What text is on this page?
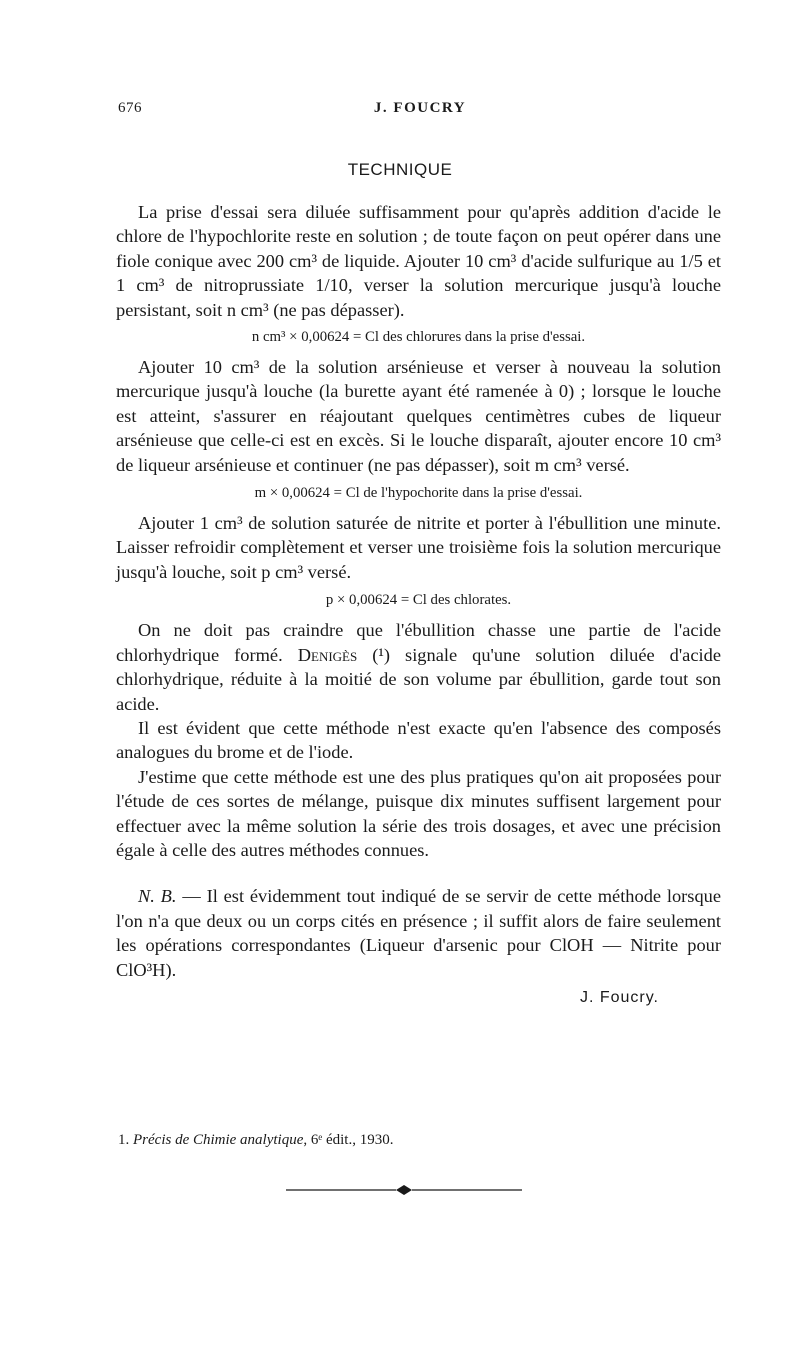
676	J. FOUCRY
TECHNIQUE

La prise d'essai sera diluée suffisamment pour qu'après addition d'acide le chlore de l'hypochlorite reste en solution ; de toute façon on peut opérer dans une fiole conique avec 200 cm³ de liquide. Ajouter 10 cm³ d'acide sulfurique au 1/5 et 1 cm³ de nitroprussiate 1/10, verser la solution mercurique jusqu'à louche persistant, soit n cm³ (ne pas dépasser).

n cm³ × 0,00624 = Cl des chlorures dans la prise d'essai.

Ajouter 10 cm³ de la solution arsénieuse et verser à nouveau la solution mercurique jusqu'à louche (la burette ayant été ramenée à 0) ; lorsque le louche est atteint, s'assurer en réajoutant quelques centimètres cubes de liqueur arsénieuse que celle-ci est en excès. Si le louche disparaît, ajouter encore 10 cm³ de liqueur arsénieuse et continuer (ne pas dépasser), soit m cm³ versé.

m × 0,00624 = Cl de l'hypochorite dans la prise d'essai.

Ajouter 1 cm³ de solution saturée de nitrite et porter à l'ébullition une minute. Laisser refroidir complètement et verser une troisième fois la solution mercurique jusqu'à louche, soit p cm³ versé.

p × 0,00624 = Cl des chlorates.

On ne doit pas craindre que l'ébullition chasse une partie de l'acide chlorhydrique formé. Denigès (¹) signale qu'une solution diluée d'acide chlorhydrique, réduite à la moitié de son volume par ébullition, garde tout son acide.

Il est évident que cette méthode n'est exacte qu'en l'absence des composés analogues du brome et de l'iode.

J'estime que cette méthode est une des plus pratiques qu'on ait proposées pour l'étude de ces sortes de mélange, puisque dix minutes suffisent largement pour effectuer avec la même solution la série des trois dosages, et avec une précision égale à celle des autres méthodes connues.

N. B. — Il est évidemment tout indiqué de se servir de cette méthode lorsque l'on n'a que deux ou un corps cités en présence ; il suffit alors de faire seulement les opérations correspondantes (Liqueur d'arsenic pour ClOH — Nitrite pour ClO³H).

J. Foucry.
1. Précis de Chimie analytique, 6ᵉ édit., 1930.
